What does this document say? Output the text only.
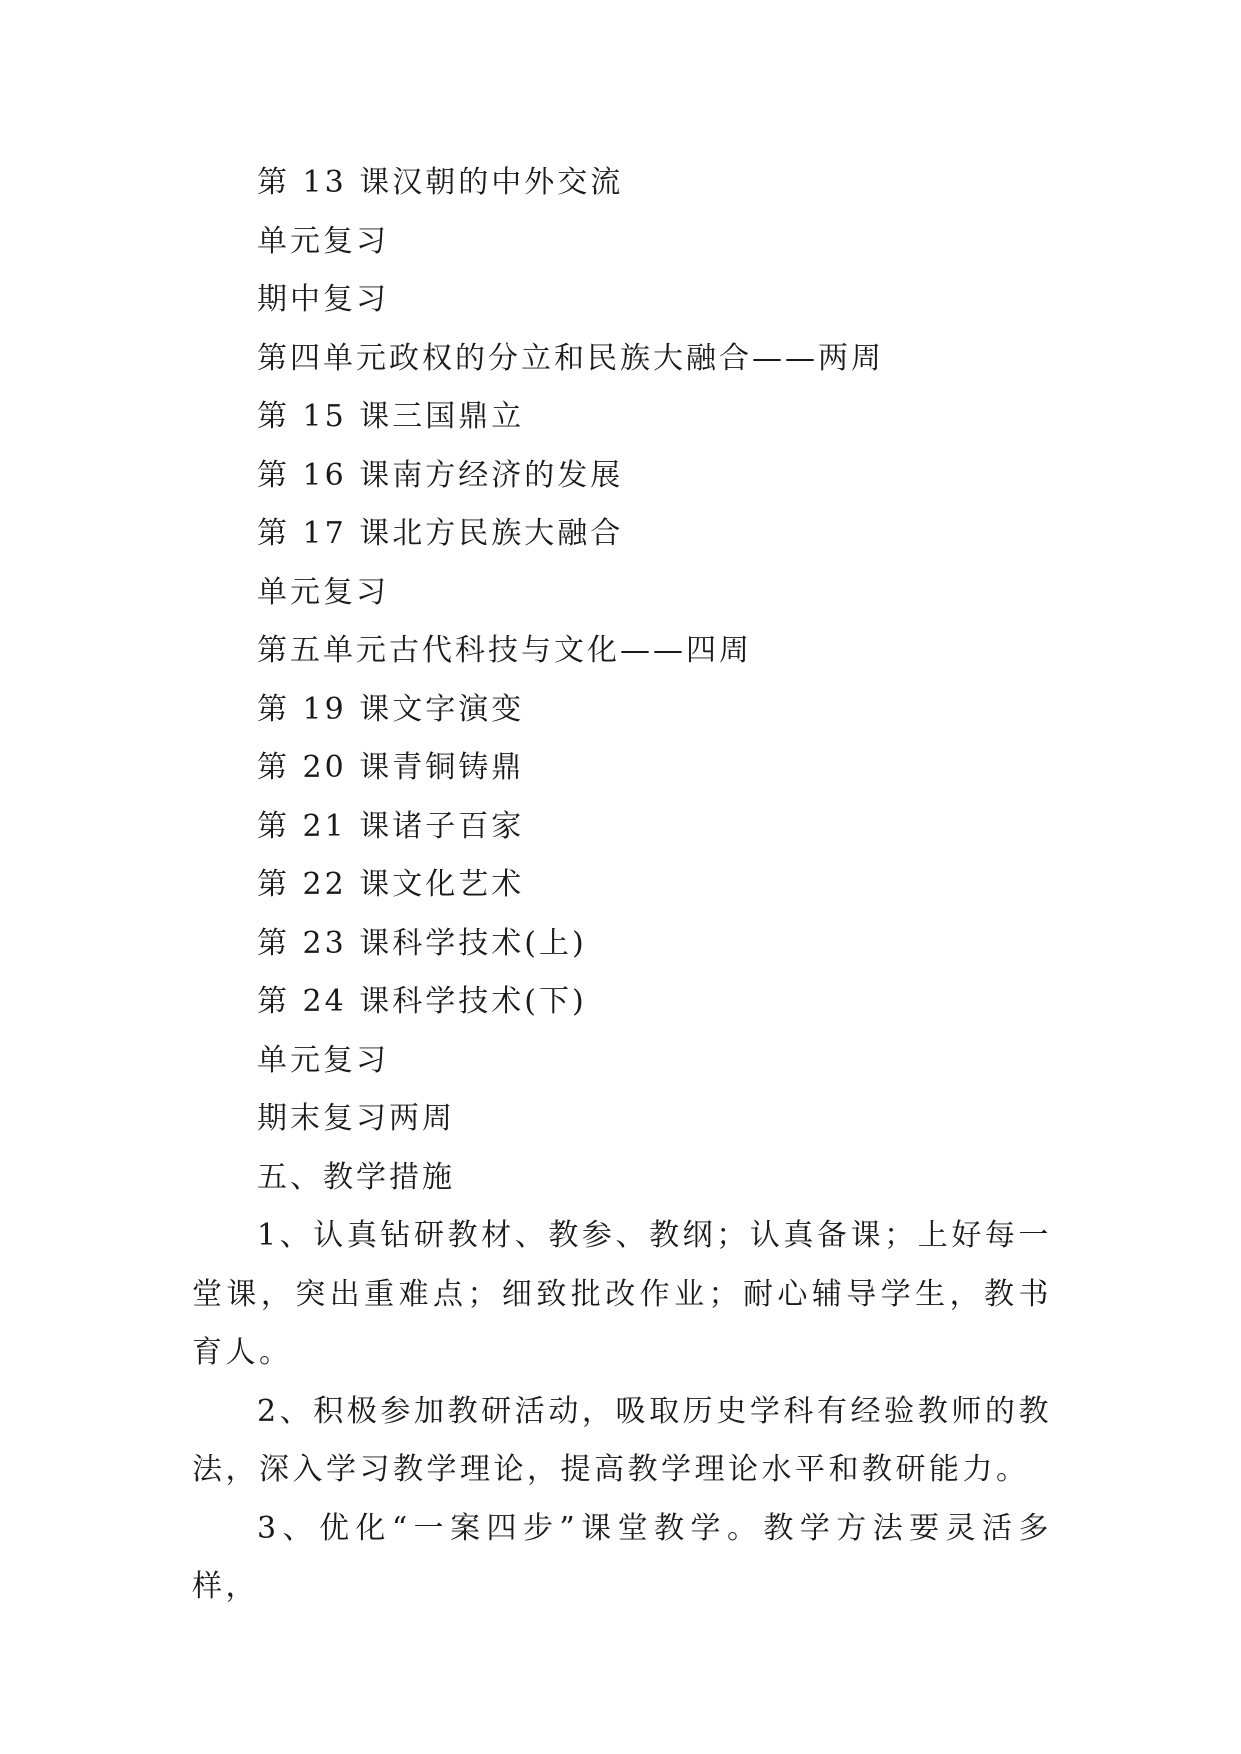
第 13 课汉朝的中外交流
单元复习
期中复习
第四单元政权的分立和民族大融合——两周
第 15 课三国鼎立
第 16 课南方经济的发展
第 17 课北方民族大融合
单元复习
第五单元古代科技与文化——四周
第 19 课文字演变
第 20 课青铜铸鼎
第 21 课诸子百家
第 22 课文化艺术
第 23 课科学技术(上)
第 24 课科学技术(下)
单元复习
期末复习两周
五、教学措施

1、认真钻研教材、教参、教纲；认真备课；上好每一堂课，突出重难点；细致批改作业；耐心辅导学生，教书育人。

2、积极参加教研活动，吸取历史学科有经验教师的教法，深入学习教学理论，提高教学理论水平和教研能力。

3、优化“一案四步”课堂教学。教学方法要灵活多样，
